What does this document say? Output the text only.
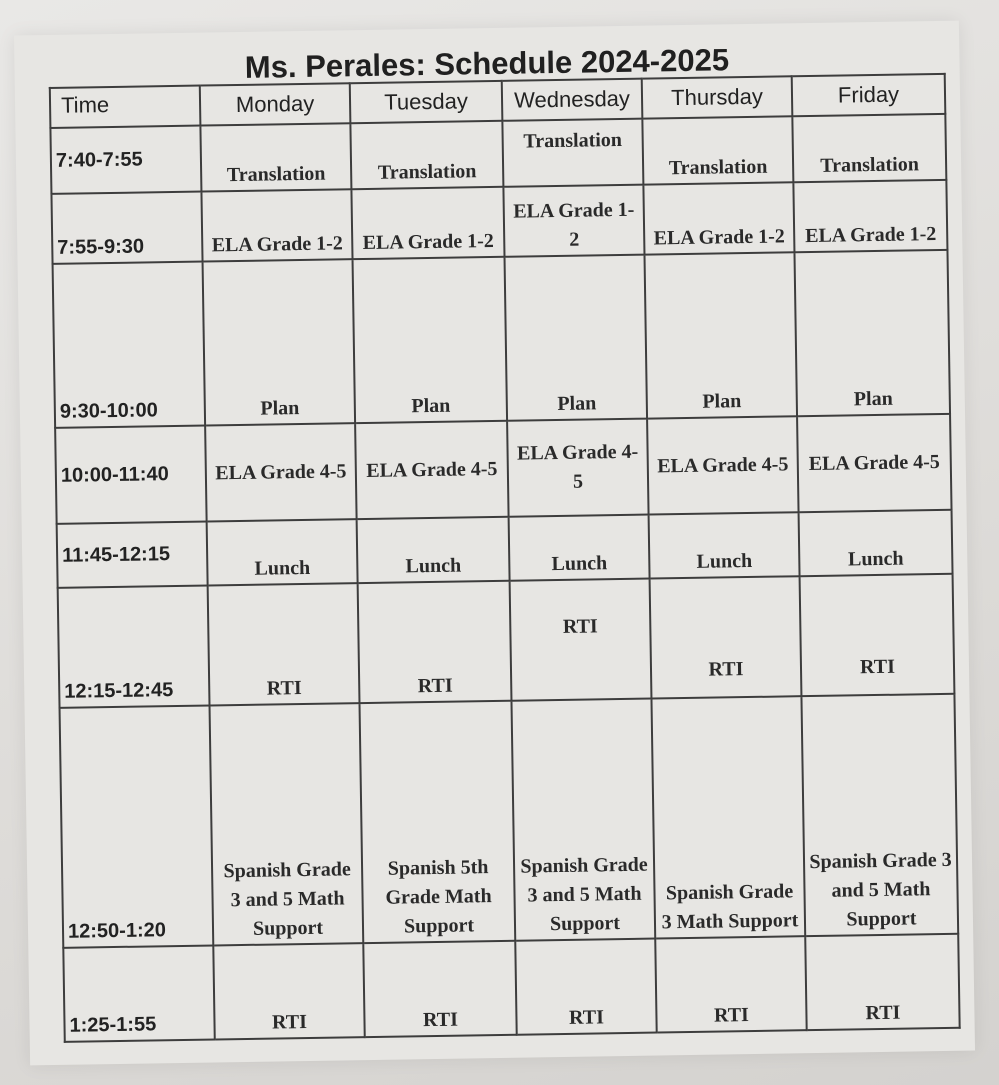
Ms. Perales: Schedule 2024-2025
Time	Monday	Tuesday	Wednesday	Thursday	Friday
7:40-7:55	Translation	Translation	Translation	Translation	Translation
7:55-9:30	ELA Grade 1-2	ELA Grade 1-2	ELA Grade 1-2	ELA Grade 1-2	ELA Grade 1-2
9:30-10:00	Plan	Plan	Plan	Plan	Plan
10:00-11:40	ELA Grade 4-5	ELA Grade 4-5	ELA Grade 4-5	ELA Grade 4-5	ELA Grade 4-5
11:45-12:15	Lunch	Lunch	Lunch	Lunch	Lunch
12:15-12:45	RTI	RTI	RTI	RTI	RTI
12:50-1:20	Spanish Grade 3 and 5 Math Support	Spanish 5th Grade Math Support	Spanish Grade 3 and 5 Math Support	Spanish Grade 3 Math Support	Spanish Grade 3 and 5 Math Support
1:25-1:55	RTI	RTI	RTI	RTI	RTI
